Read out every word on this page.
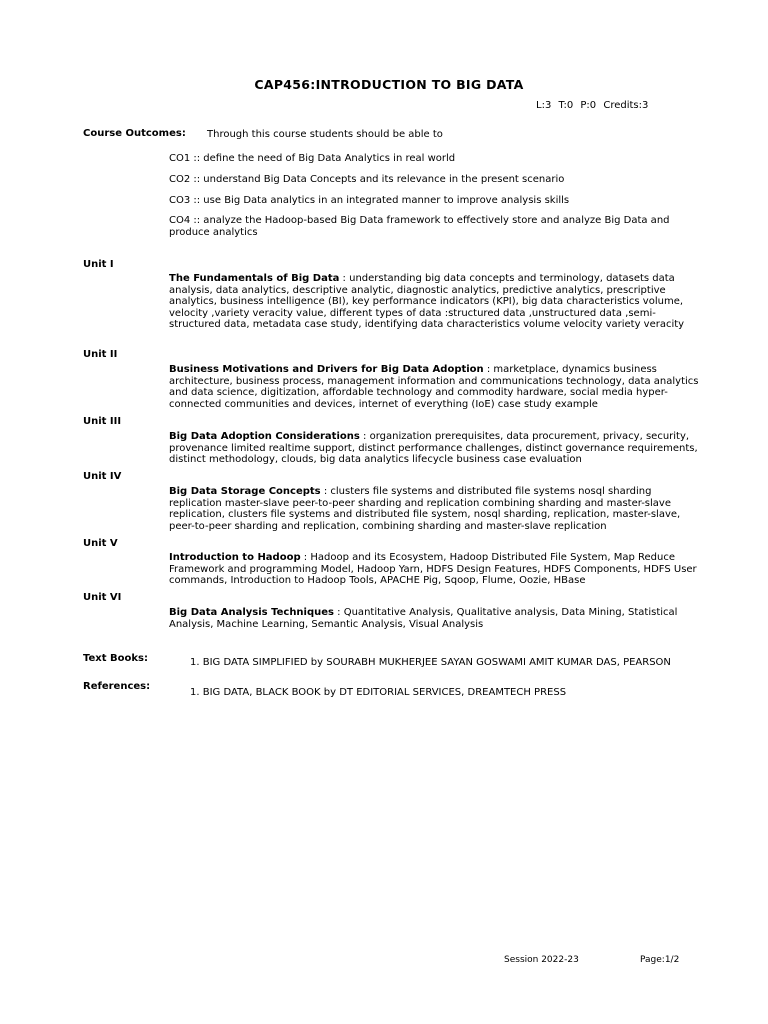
CAP456:INTRODUCTION TO BIG DATA
L:3 T:0 P:0 Credits:3
Course Outcomes: Through this course students should be able to
CO1 :: define the need of Big Data Analytics in real world
CO2 :: understand Big Data Concepts and its relevance in the present scenario
CO3 :: use Big Data analytics in an integrated manner to improve analysis skills
CO4 :: analyze the Hadoop-based Big Data framework to effectively store and analyze Big Data and produce analytics
Unit I
The Fundamentals of Big Data : understanding big data concepts and terminology, datasets data analysis, data analytics, descriptive analytic, diagnostic analytics, predictive analytics, prescriptive analytics, business intelligence (BI), key performance indicators (KPI), big data characteristics volume, velocity ,variety veracity value, different types of data :structured data ,unstructured data ,semi-structured data, metadata case study, identifying data characteristics volume velocity variety veracity
Unit II
Business Motivations and Drivers for Big Data Adoption : marketplace, dynamics business architecture, business process, management information and communications technology, data analytics and data science, digitization, affordable technology and commodity hardware, social media hyper-connected communities and devices, internet of everything (IoE) case study example
Unit III
Big Data Adoption Considerations : organization prerequisites, data procurement, privacy, security, provenance limited realtime support, distinct performance challenges, distinct governance requirements, distinct methodology, clouds, big data analytics lifecycle business case evaluation
Unit IV
Big Data Storage Concepts : clusters file systems and distributed file systems nosql sharding replication master-slave peer-to-peer sharding and replication combining sharding and master-slave replication, clusters file systems and distributed file system, nosql sharding, replication, master-slave, peer-to-peer sharding and replication, combining sharding and master-slave replication
Unit V
Introduction to Hadoop : Hadoop and its Ecosystem, Hadoop Distributed File System, Map Reduce Framework and programming Model, Hadoop Yarn, HDFS Design Features, HDFS Components, HDFS User commands, Introduction to Hadoop Tools, APACHE Pig, Sqoop, Flume, Oozie, HBase
Unit VI
Big Data Analysis Techniques : Quantitative Analysis, Qualitative analysis, Data Mining, Statistical Analysis, Machine Learning, Semantic Analysis, Visual Analysis
Text Books:	1. BIG DATA SIMPLIFIED by SOURABH MUKHERJEE SAYAN GOSWAMI AMIT KUMAR DAS, PEARSON
References:
1. BIG DATA, BLACK BOOK by DT EDITORIAL SERVICES, DREAMTECH PRESS
Session 2022-23	Page:1/2
